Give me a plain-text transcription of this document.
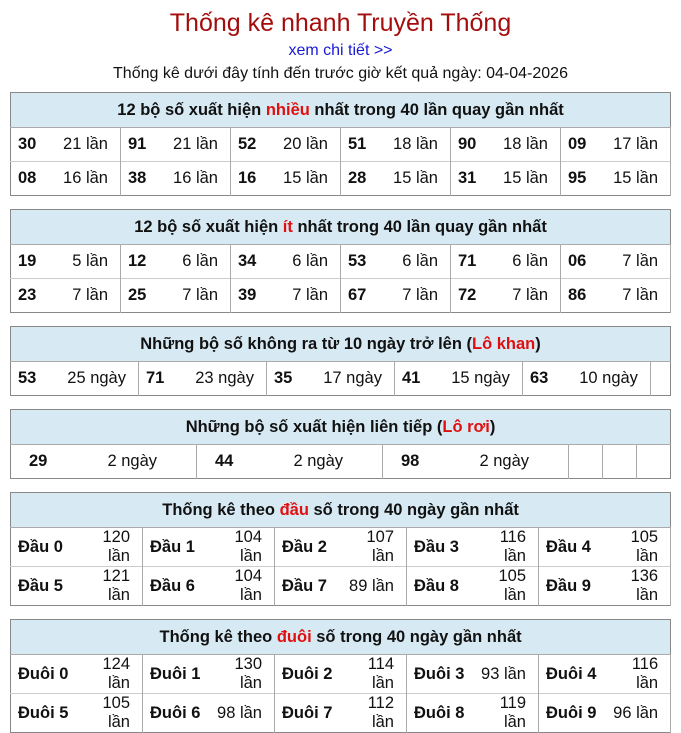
Thống kê nhanh Truyền Thống
xem chi tiết >>
Thống kê dưới đây tính đến trước giờ kết quả ngày: 04-04-2026
12 bộ số xuất hiện nhiều nhất trong 40 lần quay gần nhất											
30	21 lần	91	21 lần	52	20 lần	51	18 lần	90	18 lần	09	17 lần
08	16 lần	38	16 lần	16	15 lần	28	15 lần	31	15 lần	95	15 lần
12 bộ số xuất hiện ít nhất trong 40 lần quay gần nhất											
19	5 lần	12	6 lần	34	6 lần	53	6 lần	71	6 lần	06	7 lần
23	7 lần	25	7 lần	39	7 lần	67	7 lần	72	7 lần	86	7 lần
Những bộ số không ra từ 10 ngày trở lên (Lô khan)
53	25 ngày	71	23 ngày	35	17 ngày	41	15 ngày	63	10 ngày	
Những bộ số xuất hiện liên tiếp (Lô rơi)
29	2 ngày	44	2 ngày	98	2 ngày			
Thống kê theo đầu số trong 40 ngày gần nhất									
Đầu 0	120 lần	Đầu 1	104 lần	Đầu 2	107 lần	Đầu 3	116 lần	Đầu 4	105 lần
Đầu 5	121 lần	Đầu 6	104 lần	Đầu 7	89 lần	Đầu 8	105 lần	Đầu 9	136 lần
Thống kê theo đuôi số trong 40 ngày gần nhất									
Đuôi 0	124 lần	Đuôi 1	130 lần	Đuôi 2	114 lần	Đuôi 3	93 lần	Đuôi 4	116 lần
Đuôi 5	105 lần	Đuôi 6	98 lần	Đuôi 7	112 lần	Đuôi 8	119 lần	Đuôi 9	96 lần
